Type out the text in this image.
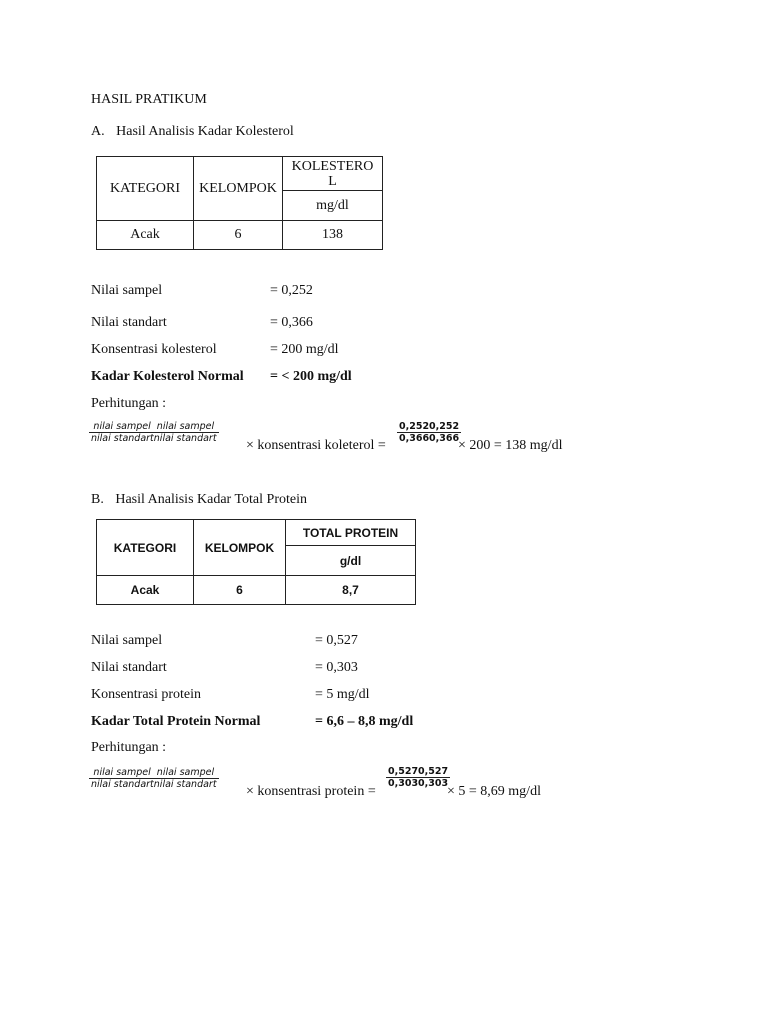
HASIL PRATIKUM
A. Hasil Analisis Kadar Kolesterol
KATEGORI	KELOMPOK	KOLESTERO
L

		mg/dl
Acak	6	138
Nilai sampel	= 0,252
Nilai standart	= 0,366
Konsentrasi kolesterol	= 200 mg/dl
Kadar Kolesterol Normal = < 200 mg/dl
Perhitungan :
nilai sampel nilai sampel
nilai standartnilai standart × konsentrasi koleterol =
0,2520,252
0,3660,366
× 200 = 138 mg/dl
B. Hasil Analisis Kadar Total Protein
KATEGORI	KELOMPOK	TOTAL PROTEIN
		g/dl
Acak	6	8,7
Nilai sampel	= 0,527
Nilai standart	= 0,303
Konsentrasi protein	= 5 mg/dl
Kadar Total Protein Normal	= 6,6 – 8,8 mg/dl
Perhitungan :
nilai sampel nilai sampel
nilai standartnilai standart × konsentrasi protein =
0,5270,527
0,3030,303
× 5 = 8,69 mg/dl
